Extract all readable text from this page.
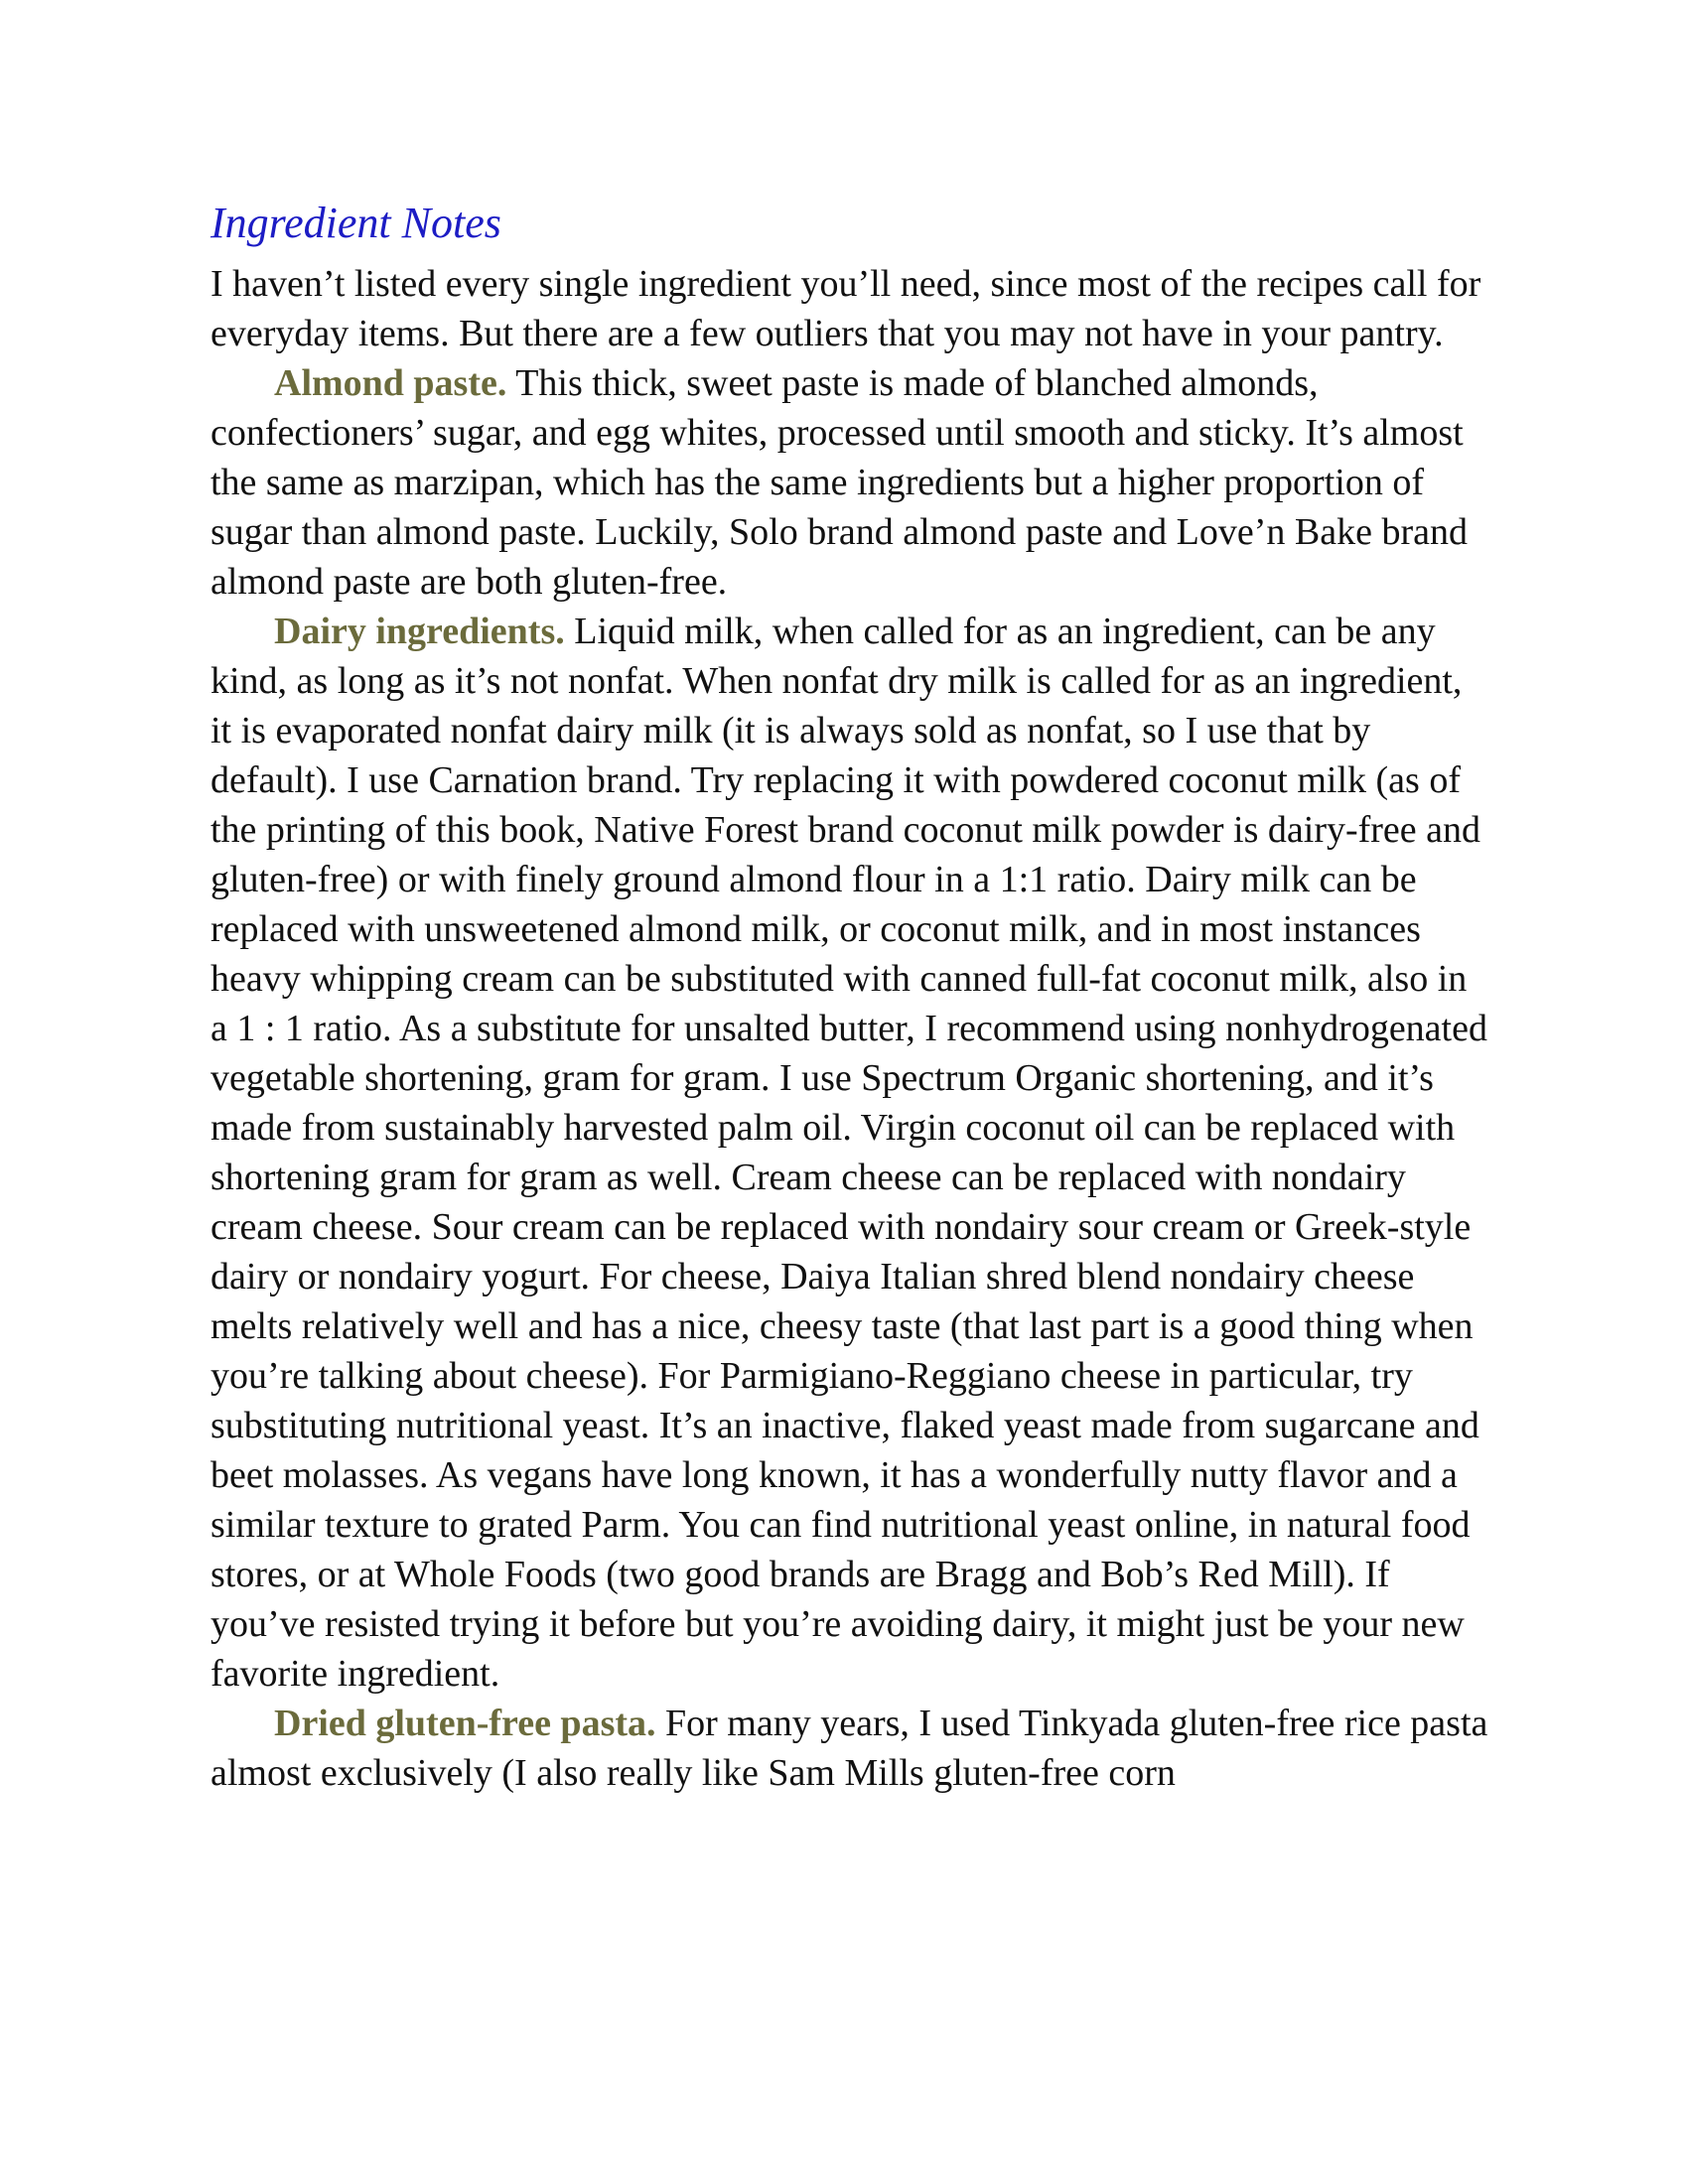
Ingredient Notes

I haven’t listed every single ingredient you’ll need, since most of the recipes call for everyday items. But there are a few outliers that you may not have in your pantry.

Almond paste. This thick, sweet paste is made of blanched almonds, confectioners’ sugar, and egg whites, processed until smooth and sticky. It’s almost the same as marzipan, which has the same ingredients but a higher proportion of sugar than almond paste. Luckily, Solo brand almond paste and Love’n Bake brand almond paste are both gluten-free.

Dairy ingredients. Liquid milk, when called for as an ingredient, can be any kind, as long as it’s not nonfat. When nonfat dry milk is called for as an ingredient, it is evaporated nonfat dairy milk (it is always sold as nonfat, so I use that by default). I use Carnation brand. Try replacing it with powdered coconut milk (as of the printing of this book, Native Forest brand coconut milk powder is dairy-free and gluten-free) or with finely ground almond flour in a 1:1 ratio. Dairy milk can be replaced with unsweetened almond milk, or coconut milk, and in most instances heavy whipping cream can be substituted with canned full-fat coconut milk, also in a 1 : 1 ratio. As a substitute for unsalted butter, I recommend using nonhydrogenated vegetable shortening, gram for gram. I use Spectrum Organic shortening, and it’s made from sustainably harvested palm oil. Virgin coconut oil can be replaced with shortening gram for gram as well. Cream cheese can be replaced with nondairy cream cheese. Sour cream can be replaced with nondairy sour cream or Greek-style dairy or nondairy yogurt. For cheese, Daiya Italian shred blend nondairy cheese melts relatively well and has a nice, cheesy taste (that last part is a good thing when you’re talking about cheese). For Parmigiano-Reggiano cheese in particular, try substituting nutritional yeast. It’s an inactive, flaked yeast made from sugarcane and beet molasses. As vegans have long known, it has a wonderfully nutty flavor and a similar texture to grated Parm. You can find nutritional yeast online, in natural food stores, or at Whole Foods (two good brands are Bragg and Bob’s Red Mill). If you’ve resisted trying it before but you’re avoiding dairy, it might just be your new favorite ingredient.

Dried gluten-free pasta. For many years, I used Tinkyada gluten-free rice pasta almost exclusively (I also really like Sam Mills gluten-free corn
